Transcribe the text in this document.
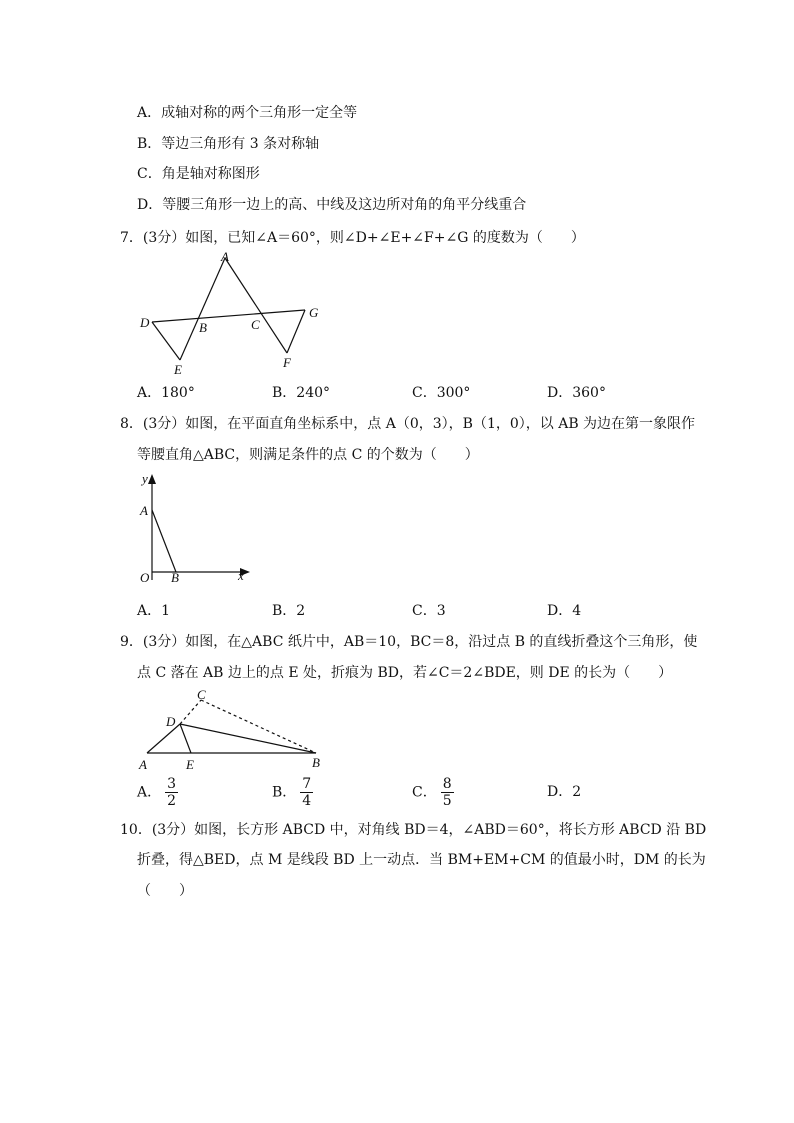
A．成轴对称的两个三角形一定全等
B．等边三角形有 3 条对称轴
C．角是轴对称图形
D．等腰三角形一边上的高、中线及这边所对角的角平分线重合
7．(3分）如图，已知∠A＝60°，则∠D+∠E+∠F+∠G 的度数为（　　）
A
B	C
D
E	F
G
A．180°	B．240°	C．300°	D．360°
8．(3分）如图，在平面直角坐标系中，点 A（0，3），B（1，0），以 AB 为边在第一象限作
等腰直角△ABC，则满足条件的点 C 的个数为（　　）
y
A
O B	x
A．1	B．2	C．3	D．4
9．(3分）如图，在△ABC 纸片中，AB＝10，BC＝8，沿过点 B 的直线折叠这个三角形，使
点 C 落在 AB 边上的点 E 处，折痕为 BD，若∠C＝2∠BDE，则 DE 的长为（　　）
C
D
A	E	B
A． $\frac{3}{2}$	B． $\frac{7}{4}$	C． $\frac{8}{5}$	D．2
10．(3分）如图，长方形 ABCD 中，对角线 BD＝4，∠ABD＝60°，将长方形 ABCD 沿 BD
折叠，得△BED，点 M 是线段 BD 上一动点．当 BM+EM+CM 的值最小时，DM 的长为
（　　）
